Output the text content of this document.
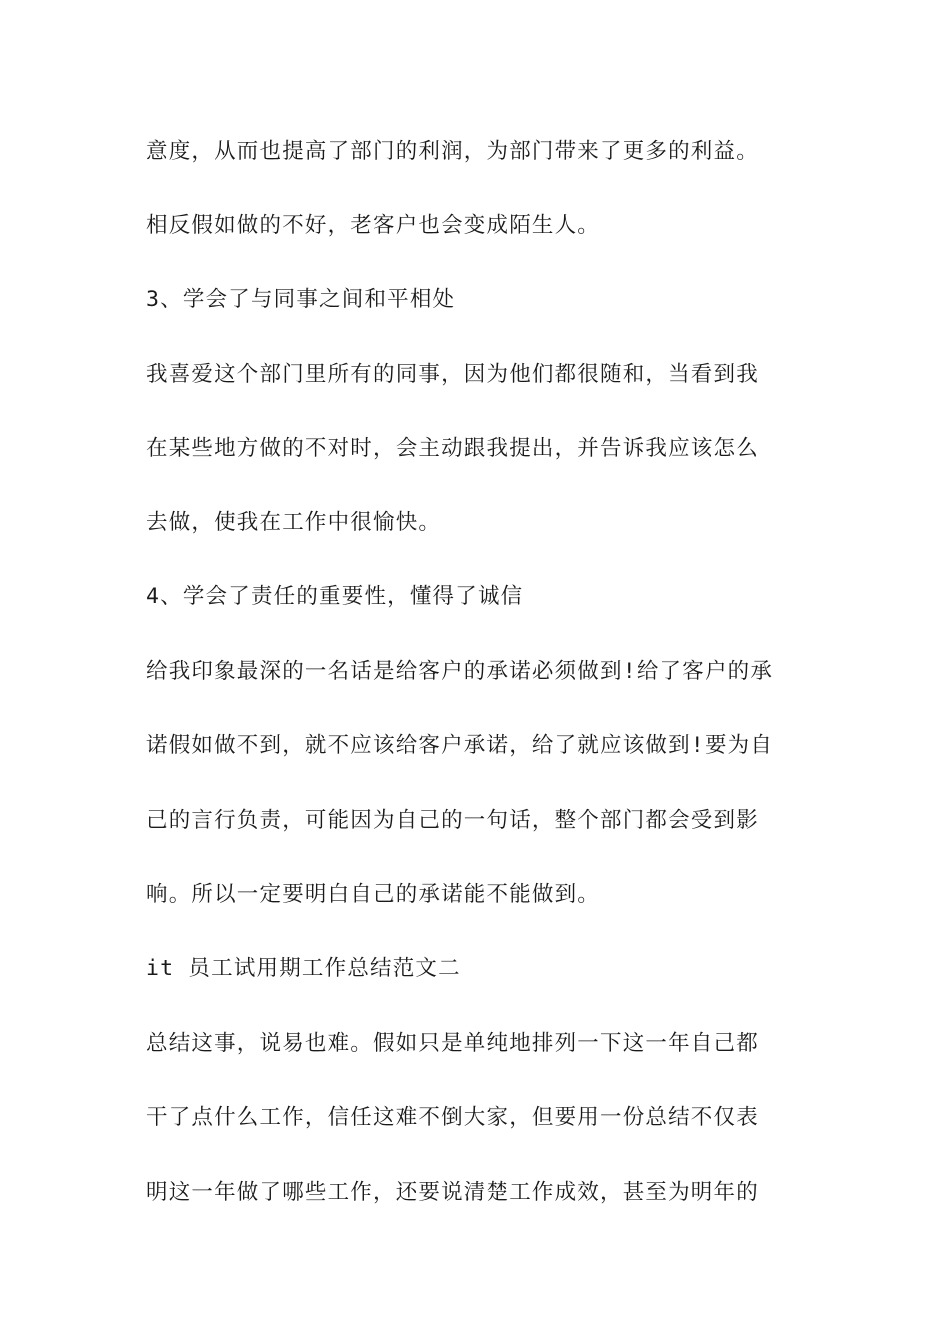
意度，从而也提高了部门的利润，为部门带来了更多的利益。
相反假如做的不好，老客户也会变成陌生人。
3、学会了与同事之间和平相处
我喜爱这个部门里所有的同事，因为他们都很随和，当看到我
在某些地方做的不对时，会主动跟我提出，并告诉我应该怎么
去做，使我在工作中很愉快。
4、学会了责任的重要性，懂得了诚信
给我印象最深的一名话是给客户的承诺必须做到!给了客户的承
诺假如做不到，就不应该给客户承诺，给了就应该做到!要为自
己的言行负责，可能因为自己的一句话，整个部门都会受到影
响。所以一定要明白自己的承诺能不能做到。
it 员工试用期工作总结范文二
总结这事，说易也难。假如只是单纯地排列一下这一年自己都
干了点什么工作，信任这难不倒大家，但要用一份总结不仅表
明这一年做了哪些工作，还要说清楚工作成效，甚至为明年的
